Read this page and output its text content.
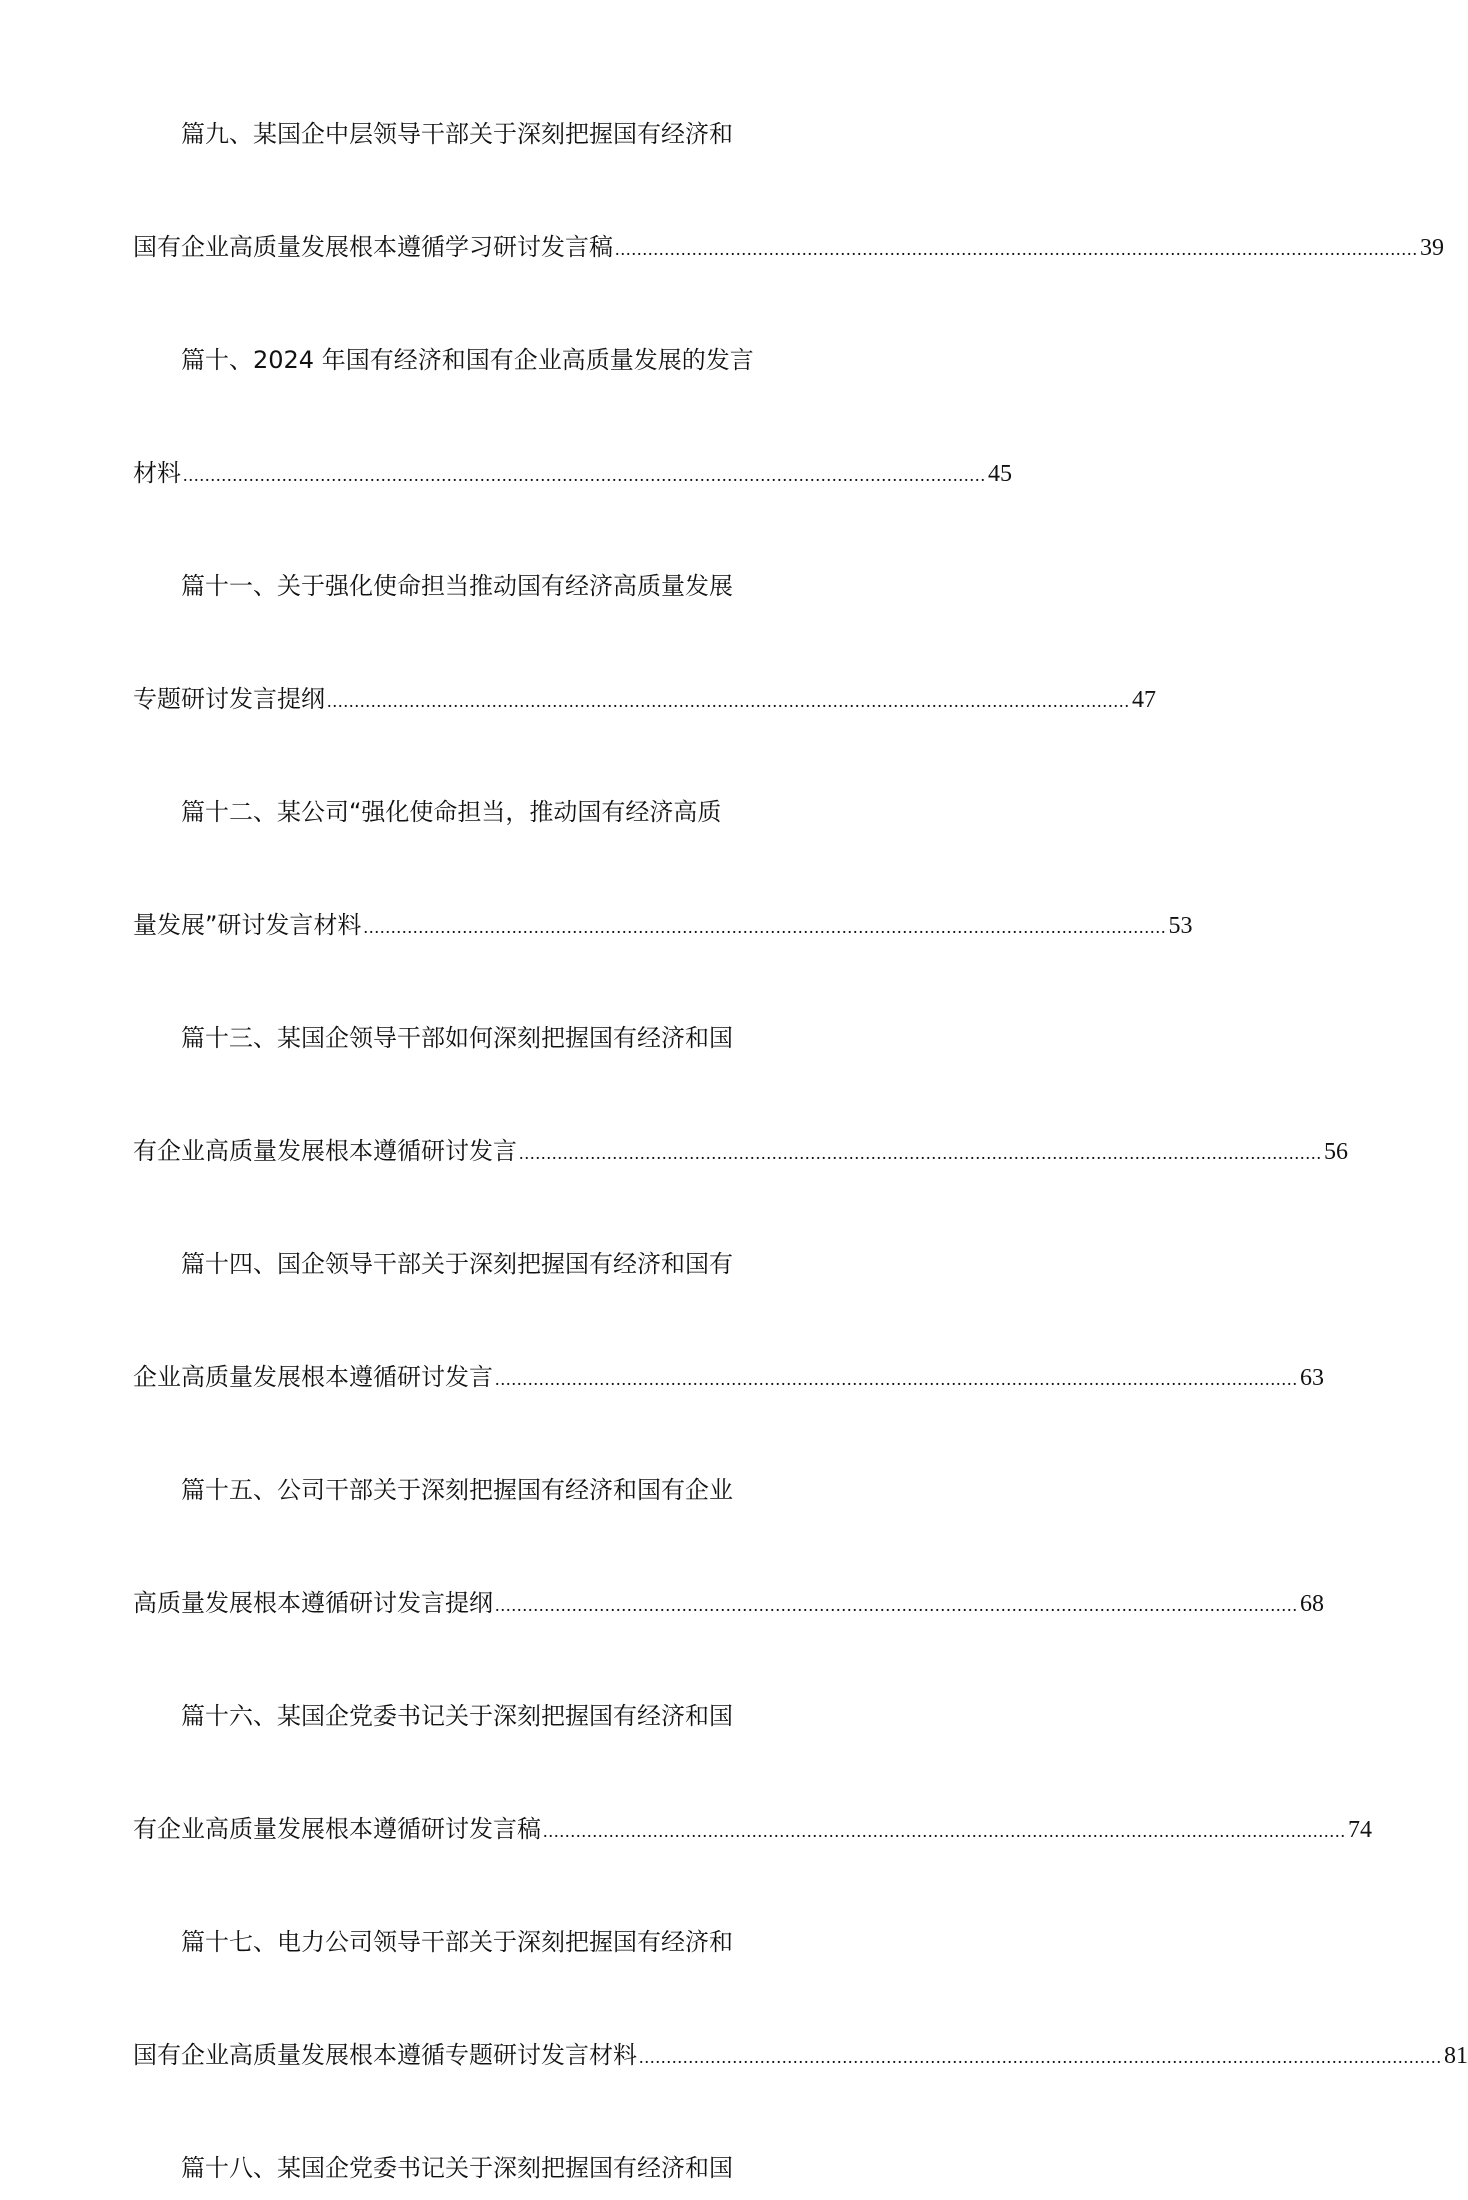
篇九、某国企中层领导干部关于深刻把握国有经济和
国有企业高质量发展根本遵循学习研讨发言稿 .................................................................................................................................................. 39
篇十、2024 年国有经济和国有企业高质量发展的发言
材料 .................................................................................................................................................. 45
篇十一、关于强化使命担当推动国有经济高质量发展
专题研讨发言提纲 .................................................................................................................................................. 47
篇十二、某公司“强化使命担当，推动国有经济高质
量发展”研讨发言材料 .................................................................................................................................................. 53
篇十三、某国企领导干部如何深刻把握国有经济和国
有企业高质量发展根本遵循研讨发言 .................................................................................................................................................. 56
篇十四、国企领导干部关于深刻把握国有经济和国有
企业高质量发展根本遵循研讨发言 .................................................................................................................................................. 63
篇十五、公司干部关于深刻把握国有经济和国有企业
高质量发展根本遵循研讨发言提纲 .................................................................................................................................................. 68
篇十六、某国企党委书记关于深刻把握国有经济和国
有企业高质量发展根本遵循研讨发言稿 .................................................................................................................................................. 74
篇十七、电力公司领导干部关于深刻把握国有经济和
国有企业高质量发展根本遵循专题研讨发言材料 .................................................................................................................................................. 81
篇十八、某国企党委书记关于深刻把握国有经济和国
